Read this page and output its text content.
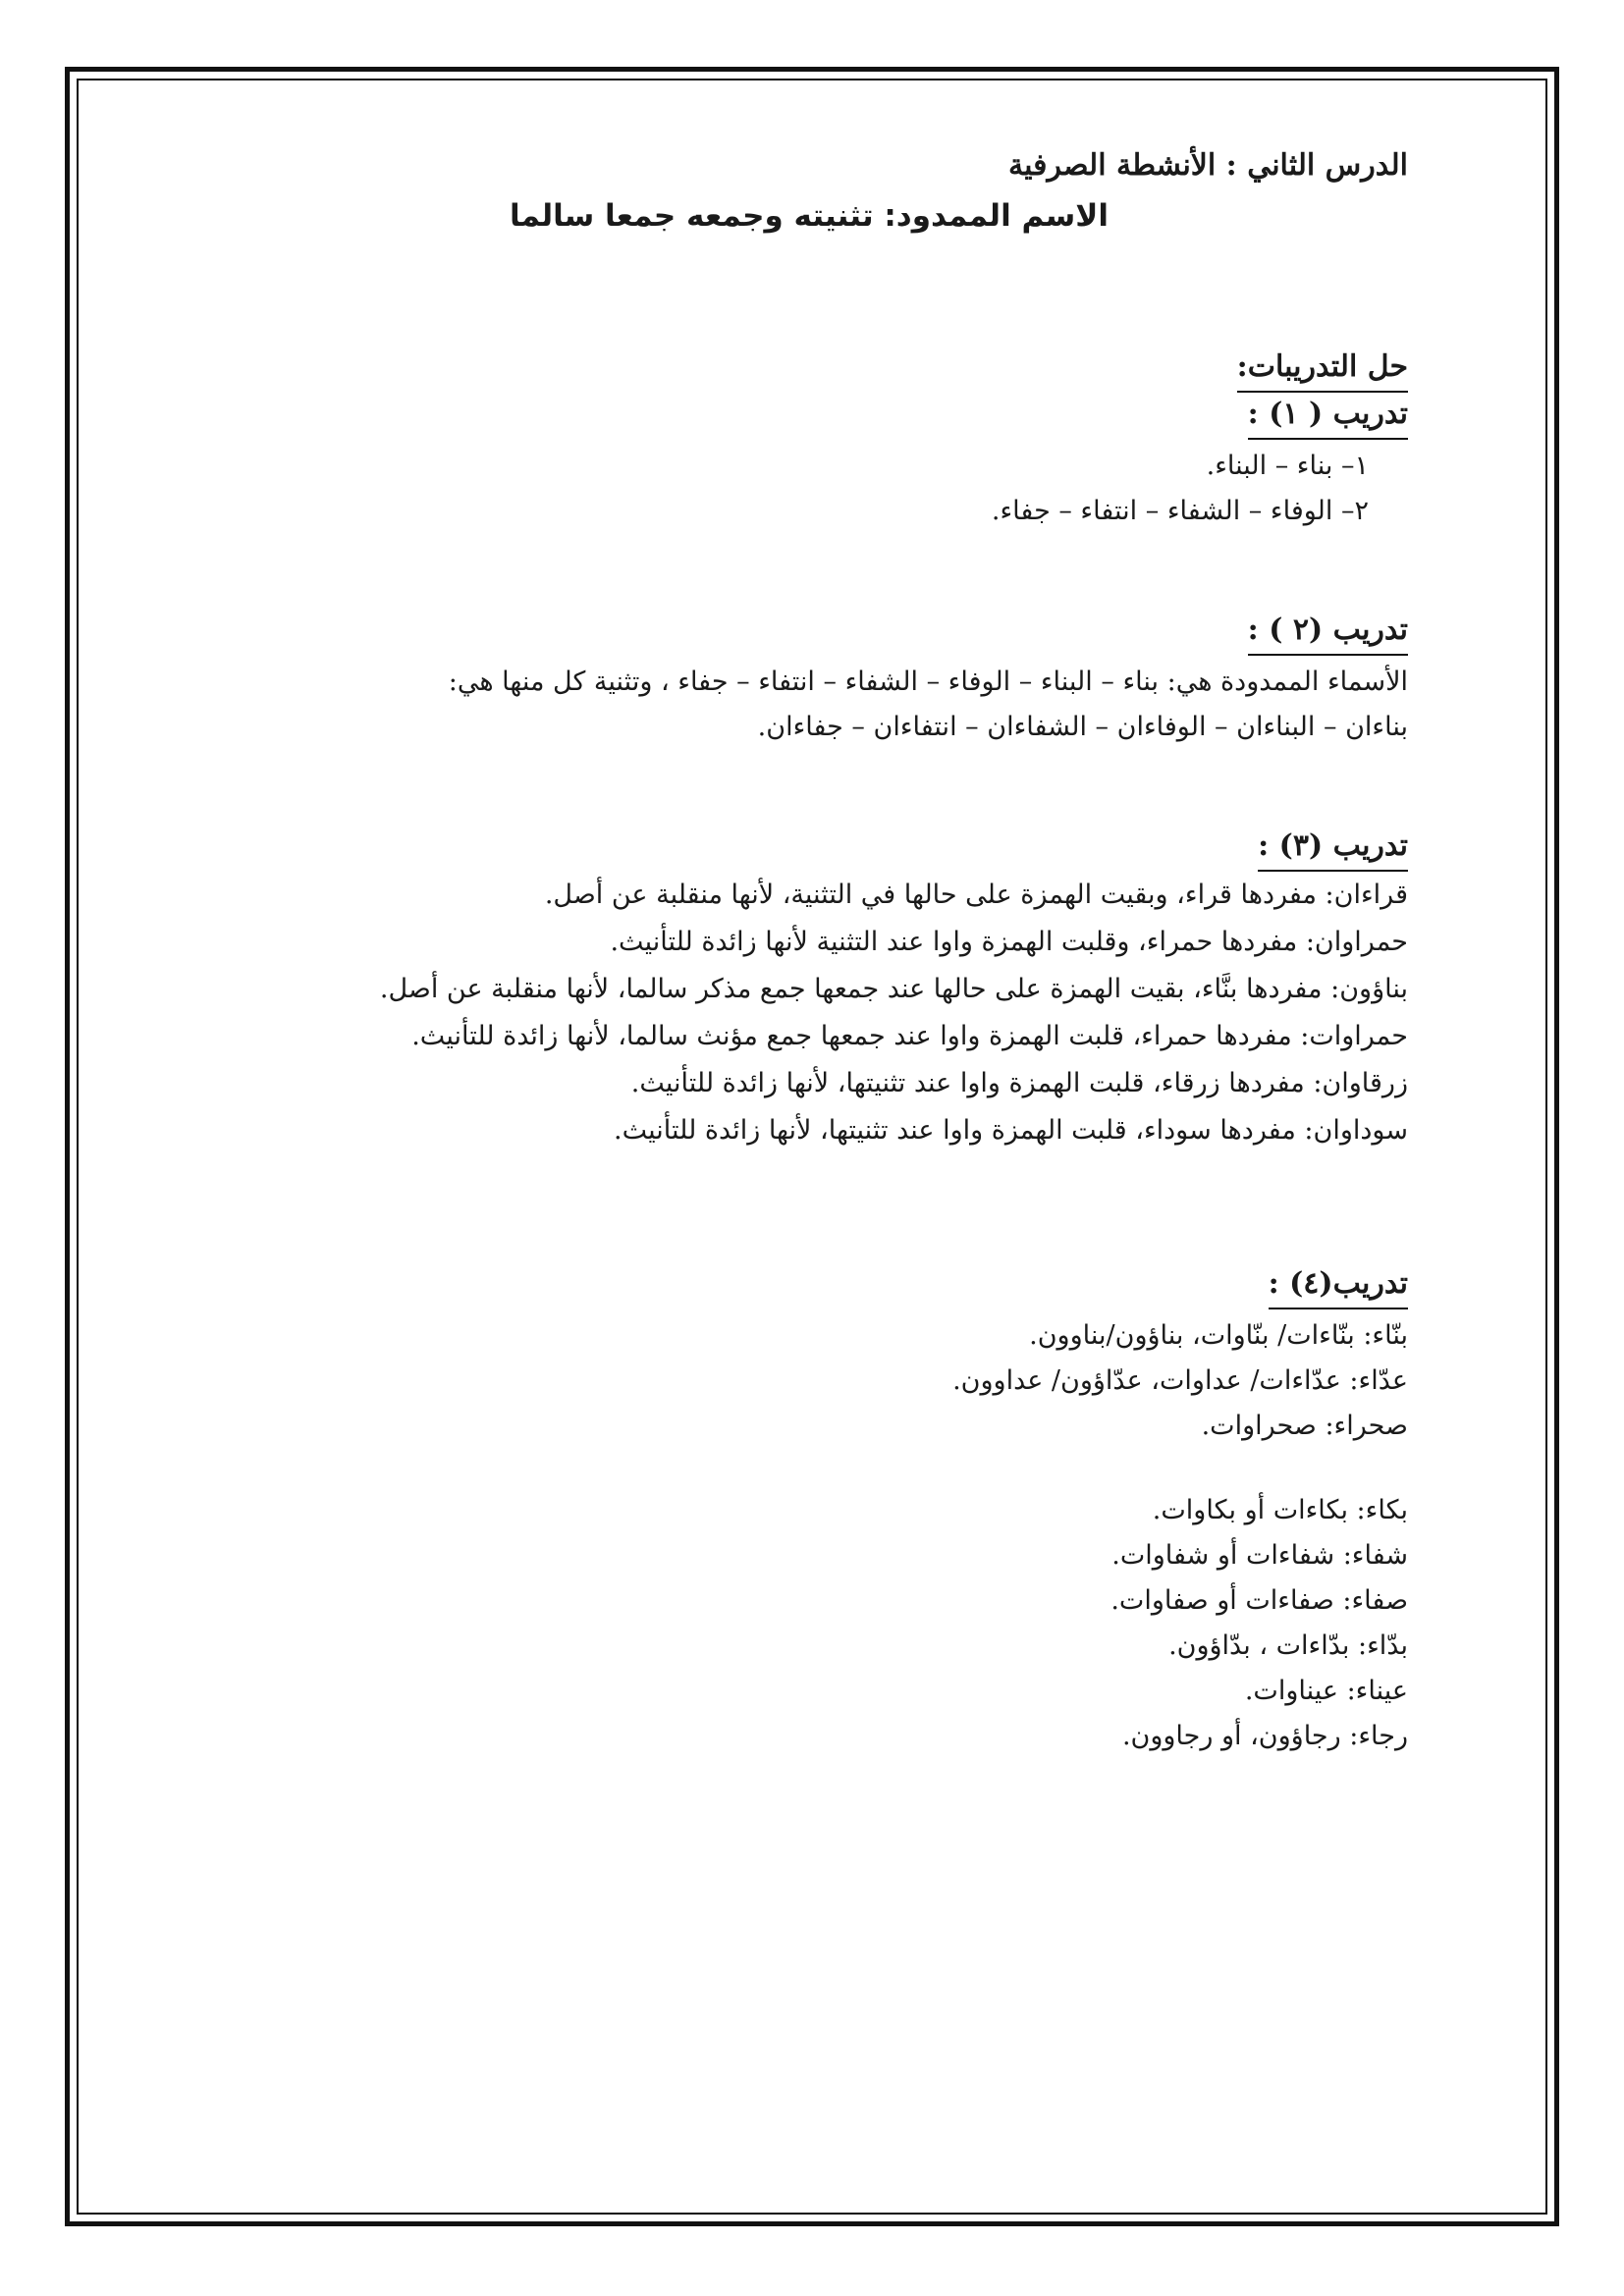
الدرس الثاني : الأنشطة الصرفية

الاسم الممدود: تثنيته وجمعه جمعا سالما

حل التدريبات:
تدريب ( ١) :
١– بناء – البناء.
٢– الوفاء – الشفاء – انتفاء – جفاء.
تدريب (٢ ) :
الأسماء الممدودة هي: بناء – البناء – الوفاء – الشفاء – انتفاء – جفاء ، وتثنية كل منها هي:
بناءان – البناءان – الوفاءان – الشفاءان – انتفاءان – جفاءان.
تدريب (٣) :
قراءان: مفردها قراء، وبقيت الهمزة على حالها في التثنية، لأنها منقلبة عن أصل.
حمراوان: مفردها حمراء، وقلبت الهمزة واوا عند التثنية لأنها زائدة للتأنيث.
بناؤون: مفردها بنَّاء، بقيت الهمزة على حالها عند جمعها جمع مذكر سالما، لأنها منقلبة عن أصل.
حمراوات: مفردها حمراء، قلبت الهمزة واوا عند جمعها جمع مؤنث سالما، لأنها زائدة للتأنيث.
زرقاوان: مفردها زرقاء، قلبت الهمزة واوا عند تثنيتها، لأنها زائدة للتأنيث.
سوداوان: مفردها سوداء، قلبت الهمزة واوا عند تثنيتها، لأنها زائدة للتأنيث.
تدريب(٤) :
بنّاء: بنّاءات/ بنّاوات، بناؤون/بناوون.
عدّاء: عدّاءات/ عداوات، عدّاؤون/ عداوون.
صحراء: صحراوات.
بكاء: بكاءات أو بكاوات.
شفاء: شفاءات أو شفاوات.
صفاء: صفاءات أو صفاوات.
بدّاء: بدّاءات ، بدّاؤون.
عيناء: عيناوات.
رجاء: رجاؤون، أو رجاوون.
